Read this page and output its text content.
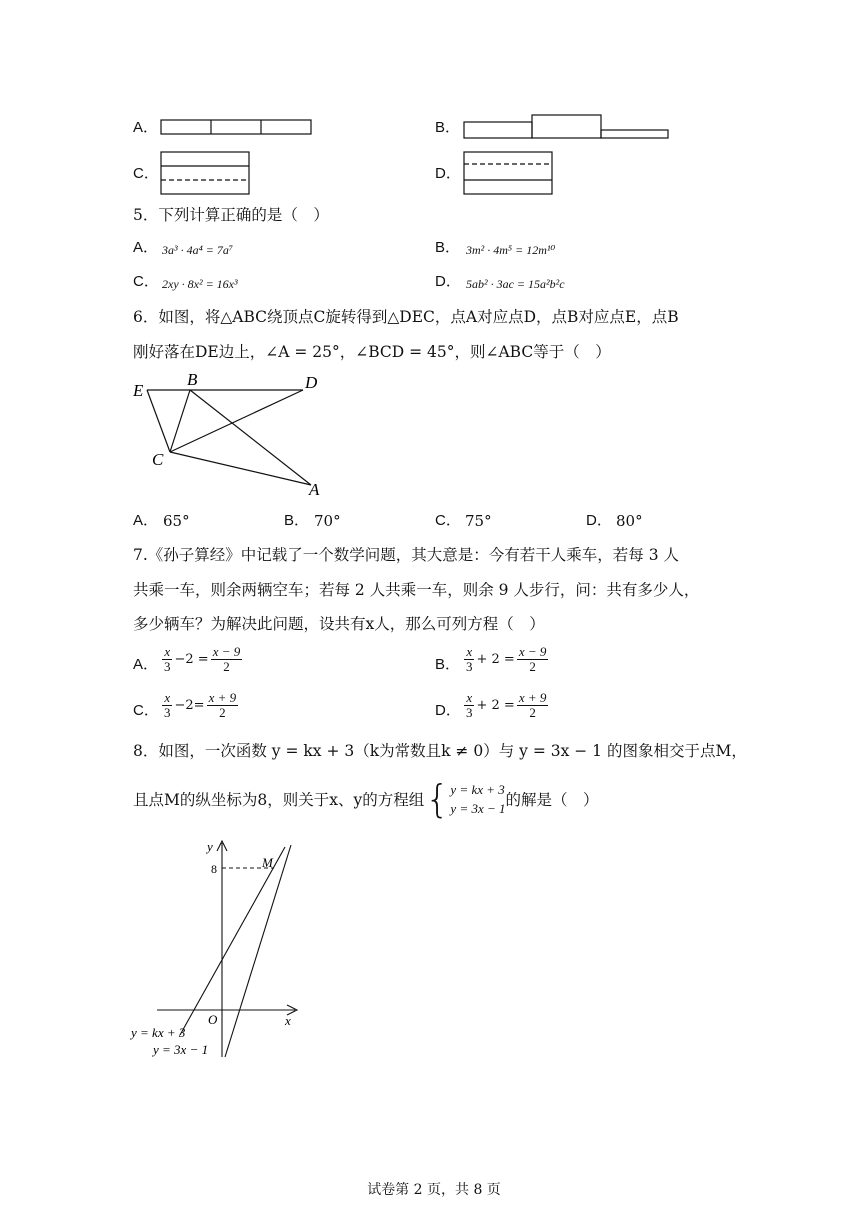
A．	B．
C．	D．
5．下列计算正确的是（　）
A． 3a³ · 4a⁴ = 7a⁷	B． 3m² · 4m⁵ = 12m¹⁰
C． 2xy · 8x² = 16x³	D． 5ab² · 3ac = 15a²b²c
6．如图，将△ABC绕顶点C旋转得到△DEC，点A对应点D，点B对应点E，点B
刚好落在DE边上，∠A = 25°，∠BCD = 45°，则∠ABC等于（　）
E
B	D
C
A
A． 65°	B． 70°	C． 75°	D． 80°
7.《孙子算经》中记载了一个数学问题，其大意是：今有若干人乘车，若每 3 人
共乘一车，则余两辆空车；若每 2 人共乘一车，则余 9 人步行，问：共有多少人，
多少辆车？为解决此问题，设共有x人，那么可列方程（　）
A． $\frac{x}{3} -2 = \frac{x - 9}{2}$	B． $\frac{x}{3} + 2 = \frac{x - 9}{2}$
C． $\frac{x}{3} -2= \frac{x + 9}{2}$	D． $\frac{x}{3} + 2 = \frac{x + 9}{2}$
8．如图，一次函数 y = kx + 3（k为常数且k ≠ 0）与 y = 3x − 1 的图象相交于点M，
且点M的纵坐标为8，则关于x、y的方程组 { y = kx + 3
y = 3x − 1 的解是（　）
y
x
O
8	M
y = kx + 3
y = 3x − 1
试卷第 2 页，共 8 页
